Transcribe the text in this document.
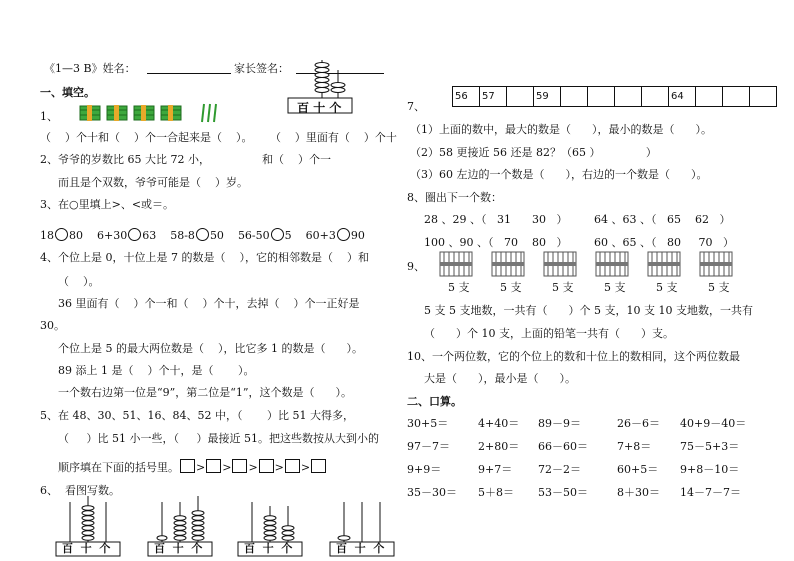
《1—3 B》姓名：	家长签名：
百 十 个
一、填空。
1、
（    ）个十和（    ）个一合起来是（    ）。     （    ）里面有（    ）个十
2、爷爷的岁数比 65 大比 72 小，	和（    ）个一
而且是个双数，爷爷可能是（    ）岁。
3、在○里填上>、<或＝。
18 80 6+30 63 58-8 50 56-50 5 60+3 90
4、个位上是 0，十位上是 7 的数是（    ），它的相邻数是（    ）和
（    ）。
36 里面有（    ）个一和（    ）个十，去掉（    ）个一正好是
30。
个位上是 5 的最大两位数是（    ），比它多 1 的数是（      ）。
89 添上 1 是（    ）个十，是（       ）。
一个数右边第一位是“9”，第二位是“1”，这个数是（      ）。
5、在 48、30、51、16、84、52 中，（       ）比 51 大得多，
（     ）比 51 小一些，（     ）最接近 51。把这些数按从大到小的
顺序填在下面的括号里。 > > > > >
6、  看图写数。
百 十 个	百 十 个	百 十 个	百 十 个
7、
56	57		59					64			
（1）上面的数中，最大的数是（      ），最小的数是（      ）。
（2）58 更接近 56 还是 82？（65 ）             ）
（3）60 左边的一个数是（      ），右边的一个数是（      ）。
8、圈出下一个数：
28 、29 、（   31      30   ） 64 、63 、（   65    62   ）
100 、90 、（   70    80   ） 60 、65 、（   80     70   ）
9、
5 支	5 支	5 支	5 支	5 支	5 支
5 支 5 支地数，一共有（      ）个 5 支，10 支 10 支地数，一共有
（      ）个 10 支，上面的铅笔一共有（      ）支。
10、一个两位数，它的个位上的数和十位上的数相同，这个两位数最
大是（      ），最小是（      ）。
二、口算。
30+5＝	4+40＝ 89－9＝	26－6＝ 40+9－40＝
97－7＝	2+80＝ 66－60＝	7+8＝	75－5+3＝
9+9＝	9+7＝ 72－2＝	60+5＝ 9+8－10＝
35－30＝ 5＋8＝ 53－50＝	8＋30＝ 14－7－7＝
